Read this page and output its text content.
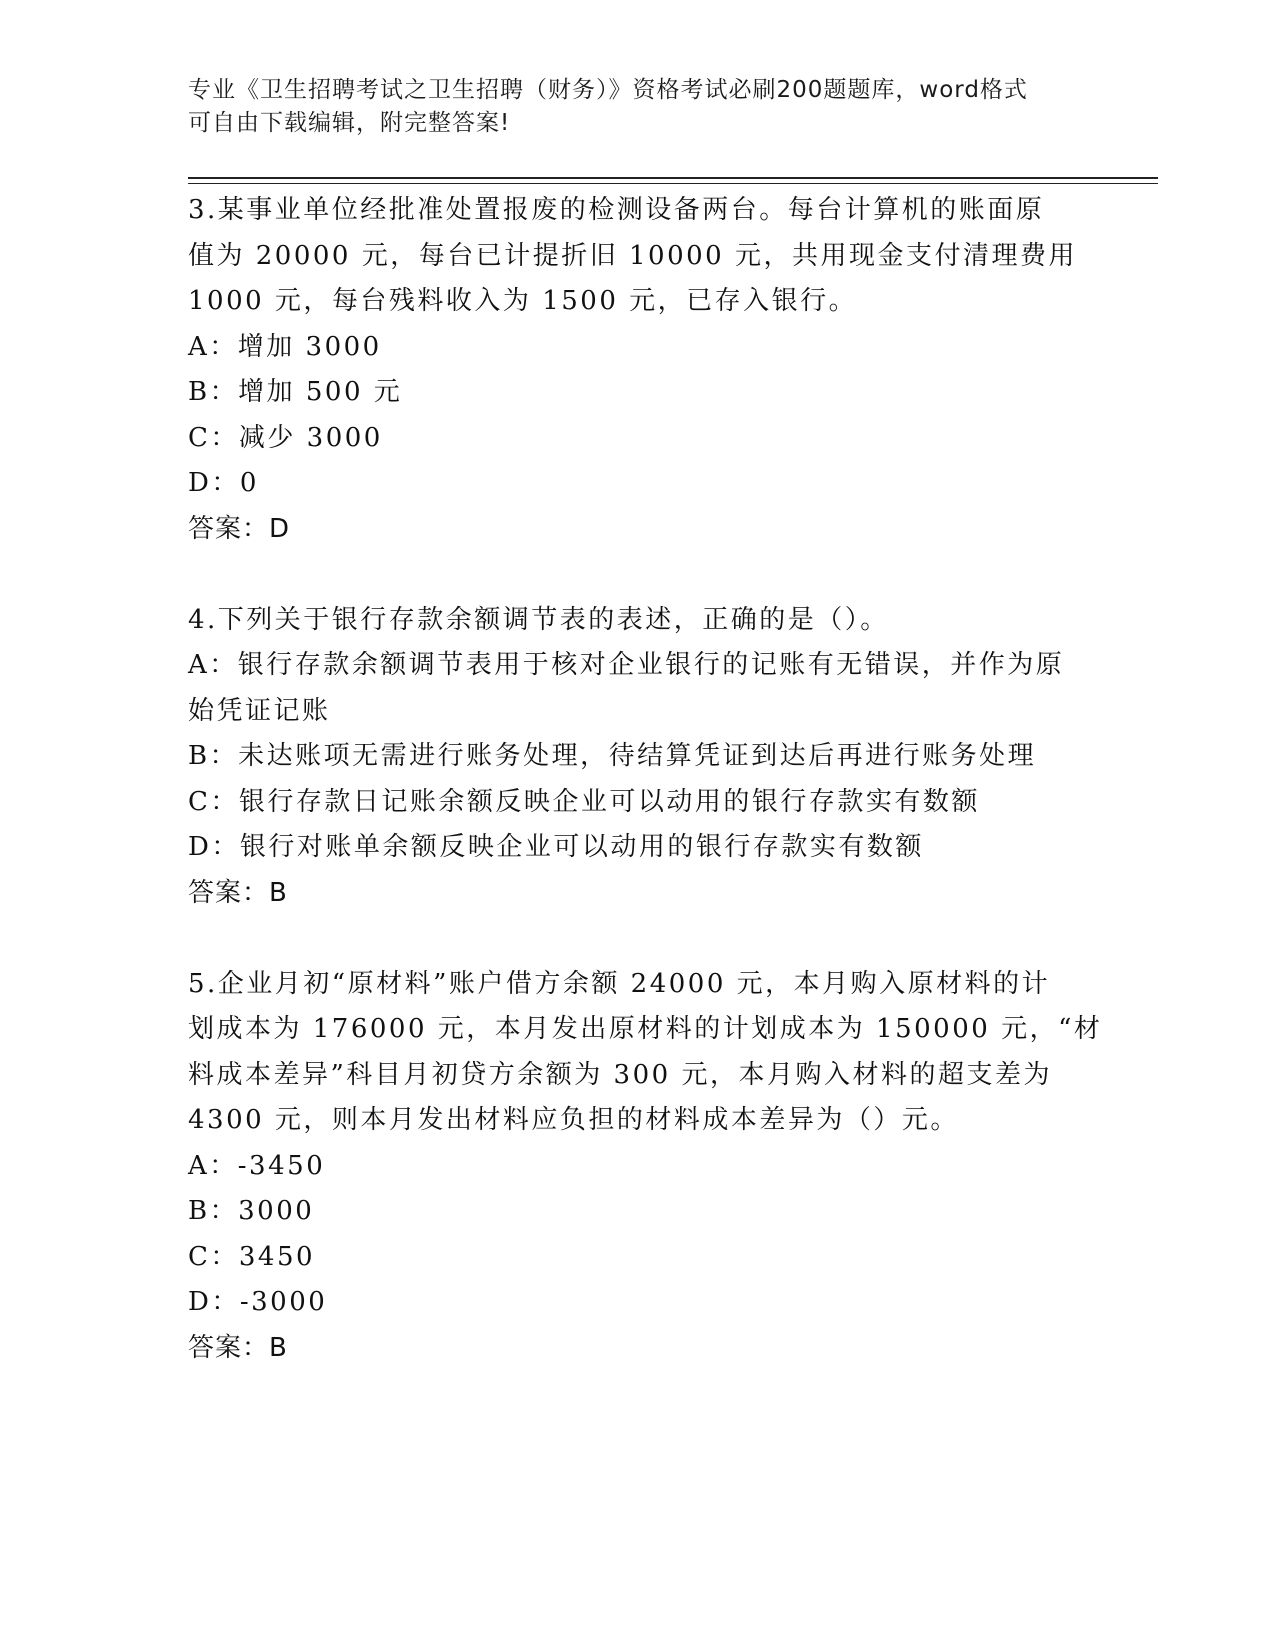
专业《卫生招聘考试之卫生招聘（财务）》资格考试必刷200题题库，word格式
可自由下载编辑，附完整答案!
3.某事业单位经批准处置报废的检测设备两台。每台计算机的账面原
值为 20000 元，每台已计提折旧 10000 元，共用现金支付清理费用
1000 元，每台残料收入为 1500 元，已存入银行。
A：增加 3000
B：增加 500 元
C：减少 3000
D：0
答案：D
4.下列关于银行存款余额调节表的表述，正确的是（）。
A：银行存款余额调节表用于核对企业银行的记账有无错误，并作为原
始凭证记账
B：未达账项无需进行账务处理，待结算凭证到达后再进行账务处理
C：银行存款日记账余额反映企业可以动用的银行存款实有数额
D：银行对账单余额反映企业可以动用的银行存款实有数额
答案：B
5.企业月初“原材料”账户借方余额 24000 元，本月购入原材料的计
划成本为 176000 元，本月发出原材料的计划成本为 150000 元，“材
料成本差异”科目月初贷方余额为 300 元，本月购入材料的超支差为
4300 元，则本月发出材料应负担的材料成本差异为（）元。
A：-3450
B：3000
C：3450
D：-3000
答案：B
